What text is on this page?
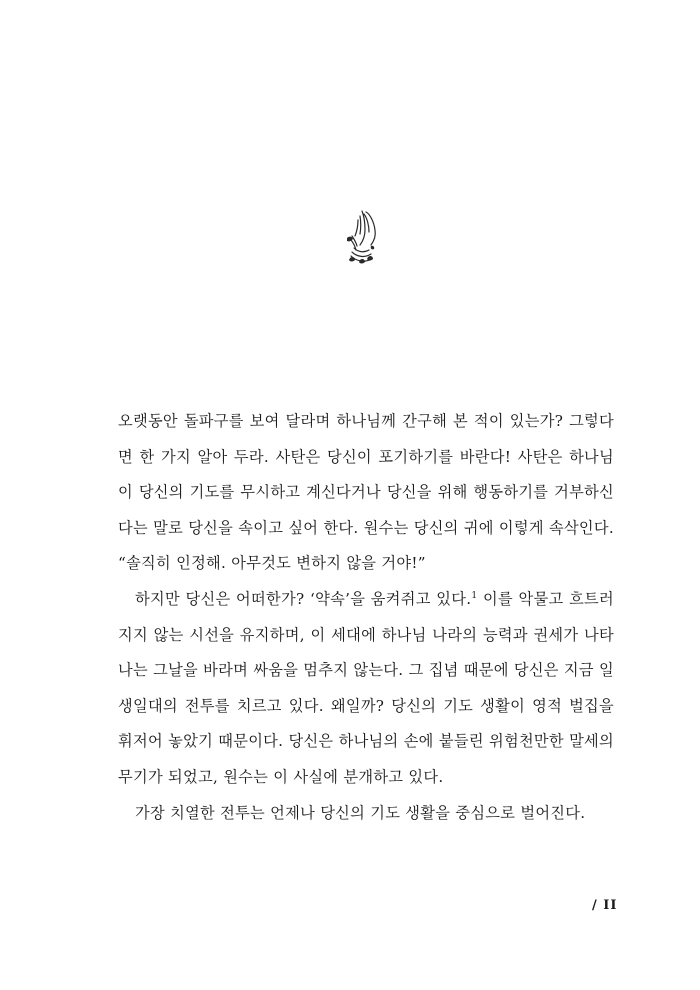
오랫동안 돌파구를 보여 달라며 하나님께 간구해 본 적이 있는가? 그렇다면 한 가지 알아 두라. 사탄은 당신이 포기하기를 바란다! 사탄은 하나님이 당신의 기도를 무시하고 계신다거나 당신을 위해 행동하기를 거부하신다는 말로 당신을 속이고 싶어 한다. 원수는 당신의 귀에 이렇게 속삭인다. “솔직히 인정해. 아무것도 변하지 않을 거야!”

하지만 당신은 어떠한가? ‘약속’을 움켜쥐고 있다.$^1$ 이를 악물고 흐트러지지 않는 시선을 유지하며, 이 세대에 하나님 나라의 능력과 권세가 나타나는 그날을 바라며 싸움을 멈추지 않는다. 그 집념 때문에 당신은 지금 일생일대의 전투를 치르고 있다. 왜일까? 당신의 기도 생활이 영적 벌집을 휘저어 놓았기 때문이다. 당신은 하나님의 손에 붙들린 위험천만한 말세의 무기가 되었고, 원수는 이 사실에 분개하고 있다.

가장 치열한 전투는 언제나 당신의 기도 생활을 중심으로 벌어진다.

/ II
